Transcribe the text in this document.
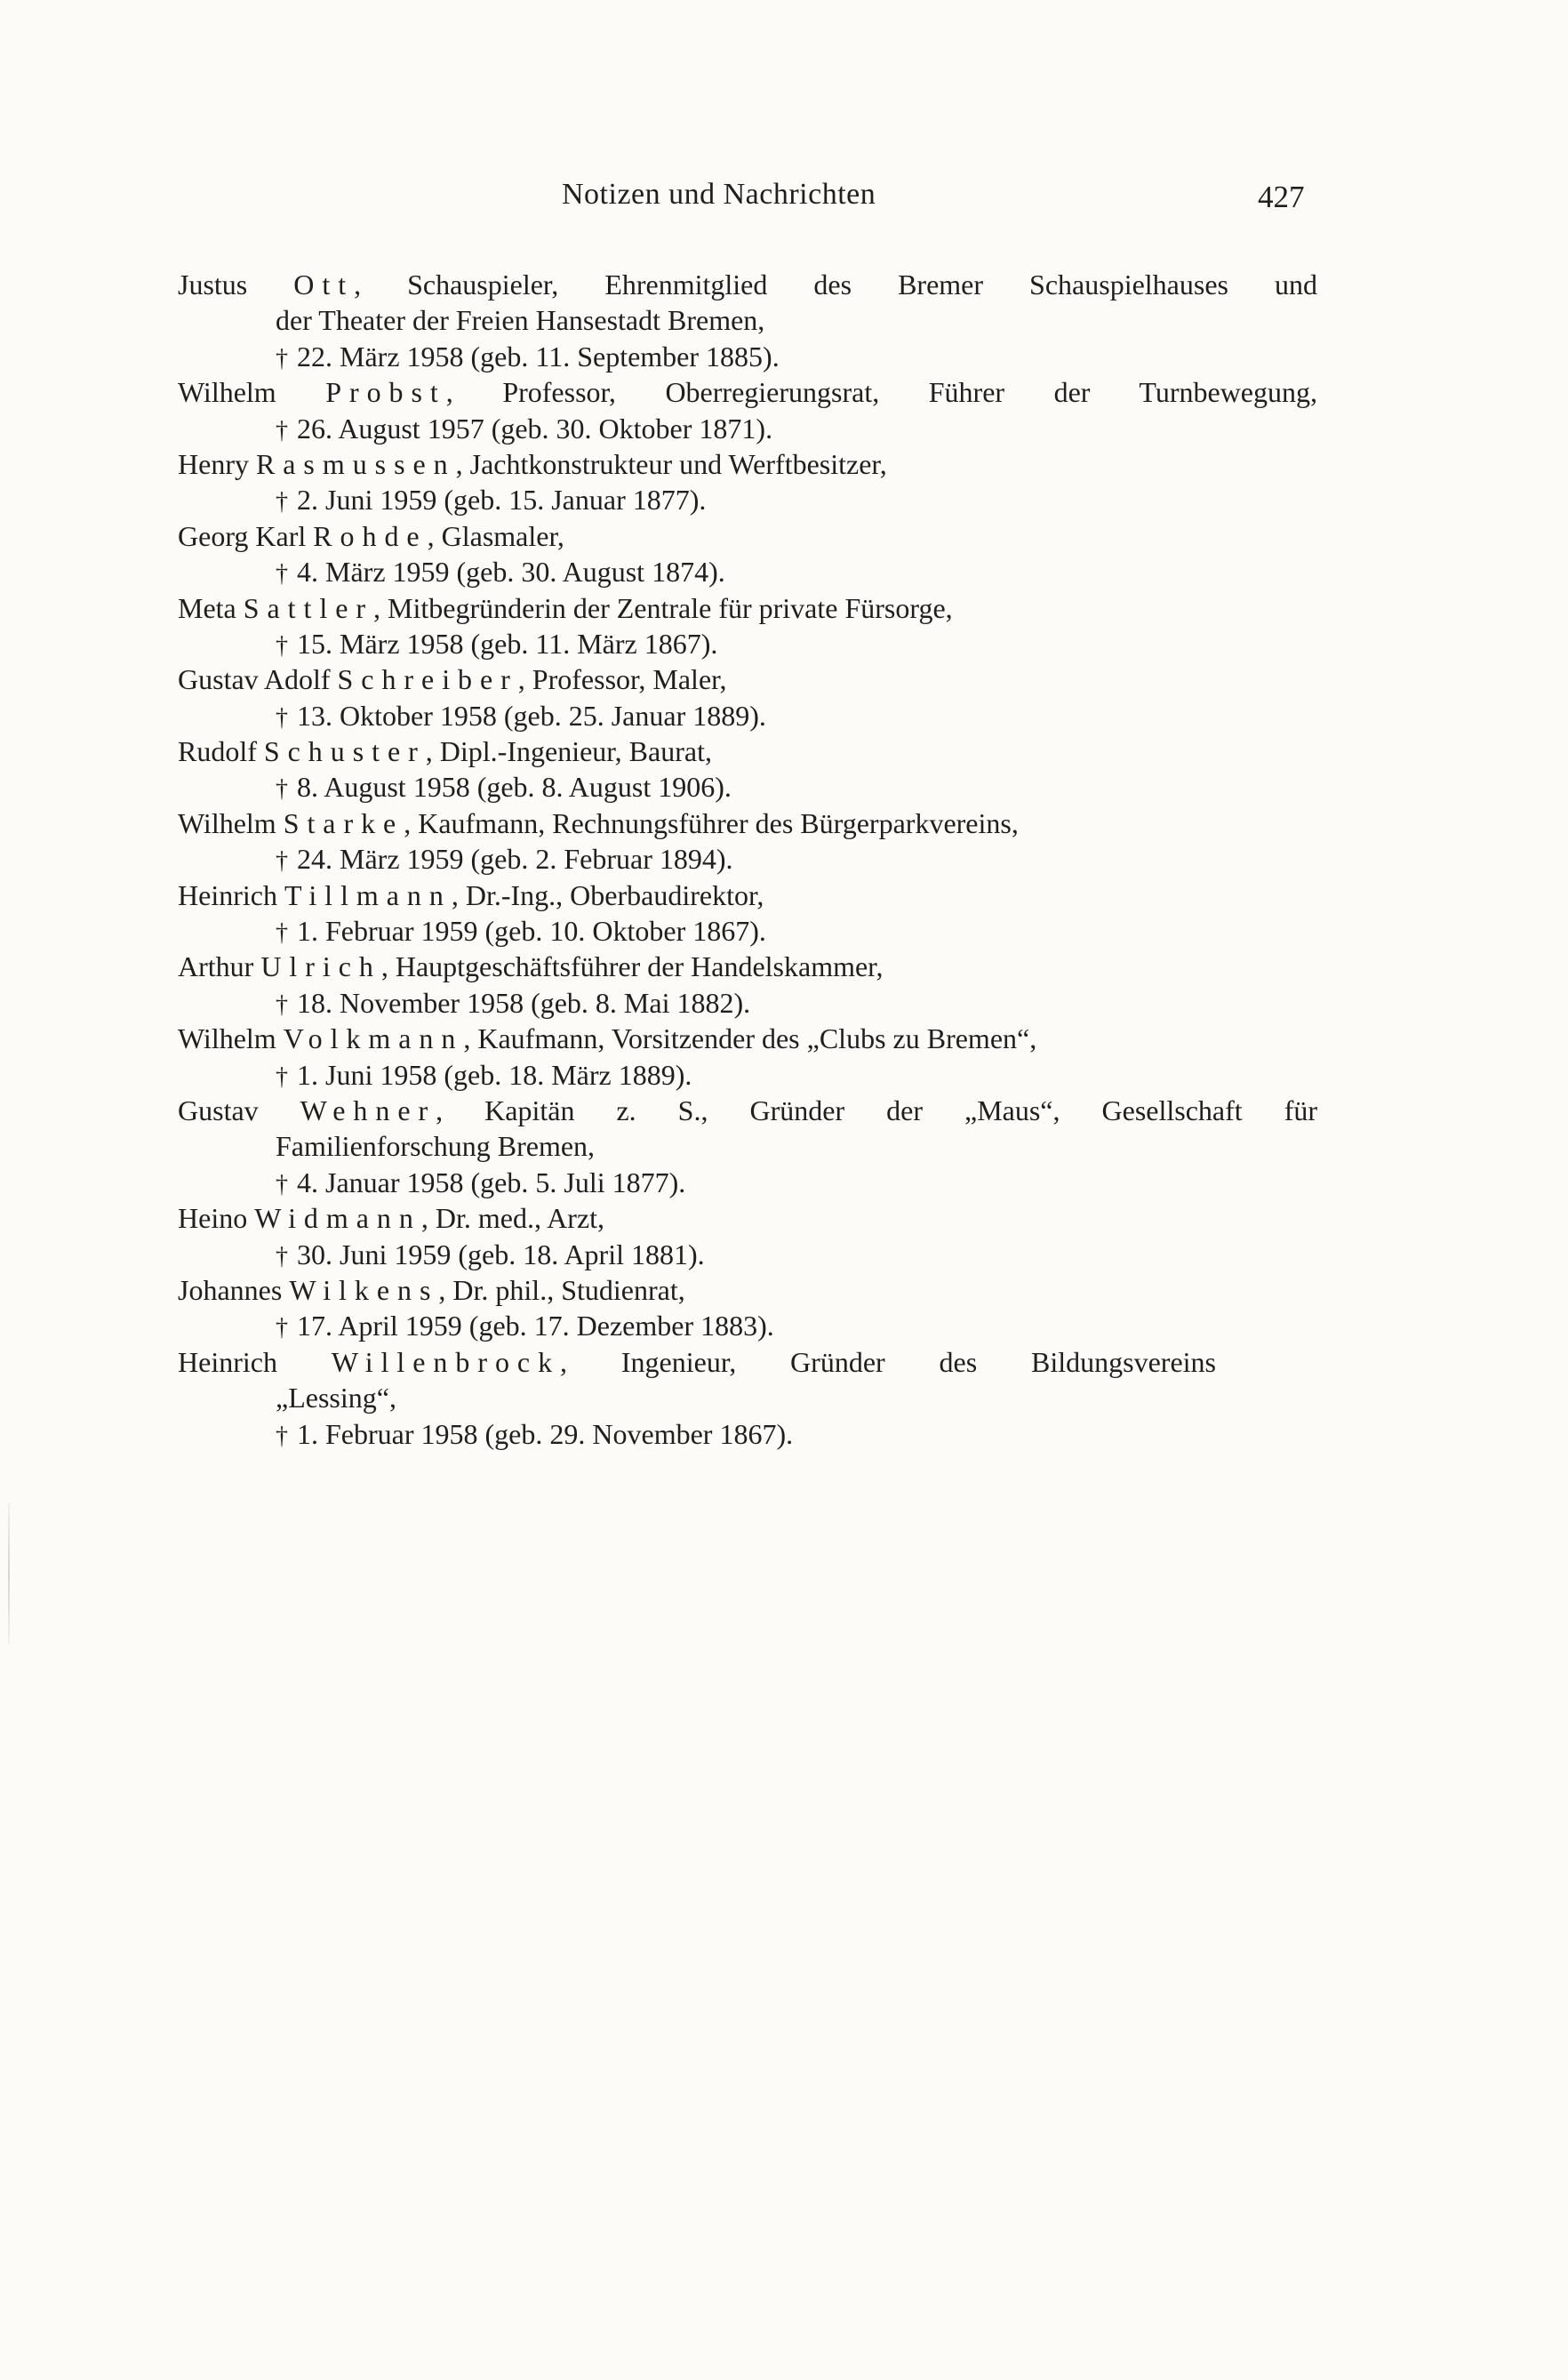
Notizen und Nachrichten	427
Justus Ott, Schauspieler, Ehrenmitglied des Bremer Schauspielhauses und
der Theater der Freien Hansestadt Bremen,
† 22. März 1958 (geb. 11. September 1885).
Wilhelm Probst, Professor, Oberregierungsrat, Führer der Turnbewegung,
† 26. August 1957 (geb. 30. Oktober 1871).
Henry Rasmussen, Jachtkonstrukteur und Werftbesitzer,
† 2. Juni 1959 (geb. 15. Januar 1877).
Georg Karl Rohde, Glasmaler,
† 4. März 1959 (geb. 30. August 1874).
Meta Sattler, Mitbegründerin der Zentrale für private Fürsorge,
† 15. März 1958 (geb. 11. März 1867).
Gustav Adolf Schreiber, Professor, Maler,
† 13. Oktober 1958 (geb. 25. Januar 1889).
Rudolf Schuster, Dipl.-Ingenieur, Baurat,
† 8. August 1958 (geb. 8. August 1906).
Wilhelm Starke, Kaufmann, Rechnungsführer des Bürgerparkvereins,
† 24. März 1959 (geb. 2. Februar 1894).
Heinrich Tillmann, Dr.-Ing., Oberbaudirektor,
† 1. Februar 1959 (geb. 10. Oktober 1867).
Arthur Ulrich, Hauptgeschäftsführer der Handelskammer,
† 18. November 1958 (geb. 8. Mai 1882).
Wilhelm Volkmann, Kaufmann, Vorsitzender des „Clubs zu Bremen“,
† 1. Juni 1958 (geb. 18. März 1889).
Gustav Wehner, Kapitän z. S., Gründer der „Maus“, Gesellschaft für
Familienforschung Bremen,
† 4. Januar 1958 (geb. 5. Juli 1877).
Heino Widmann, Dr. med., Arzt,
† 30. Juni 1959 (geb. 18. April 1881).
Johannes Wilkens, Dr. phil., Studienrat,
† 17. April 1959 (geb. 17. Dezember 1883).
Heinrich Willenbrock, Ingenieur, Gründer des Bildungsvereins
„Lessing“,
† 1. Februar 1958 (geb. 29. November 1867).
